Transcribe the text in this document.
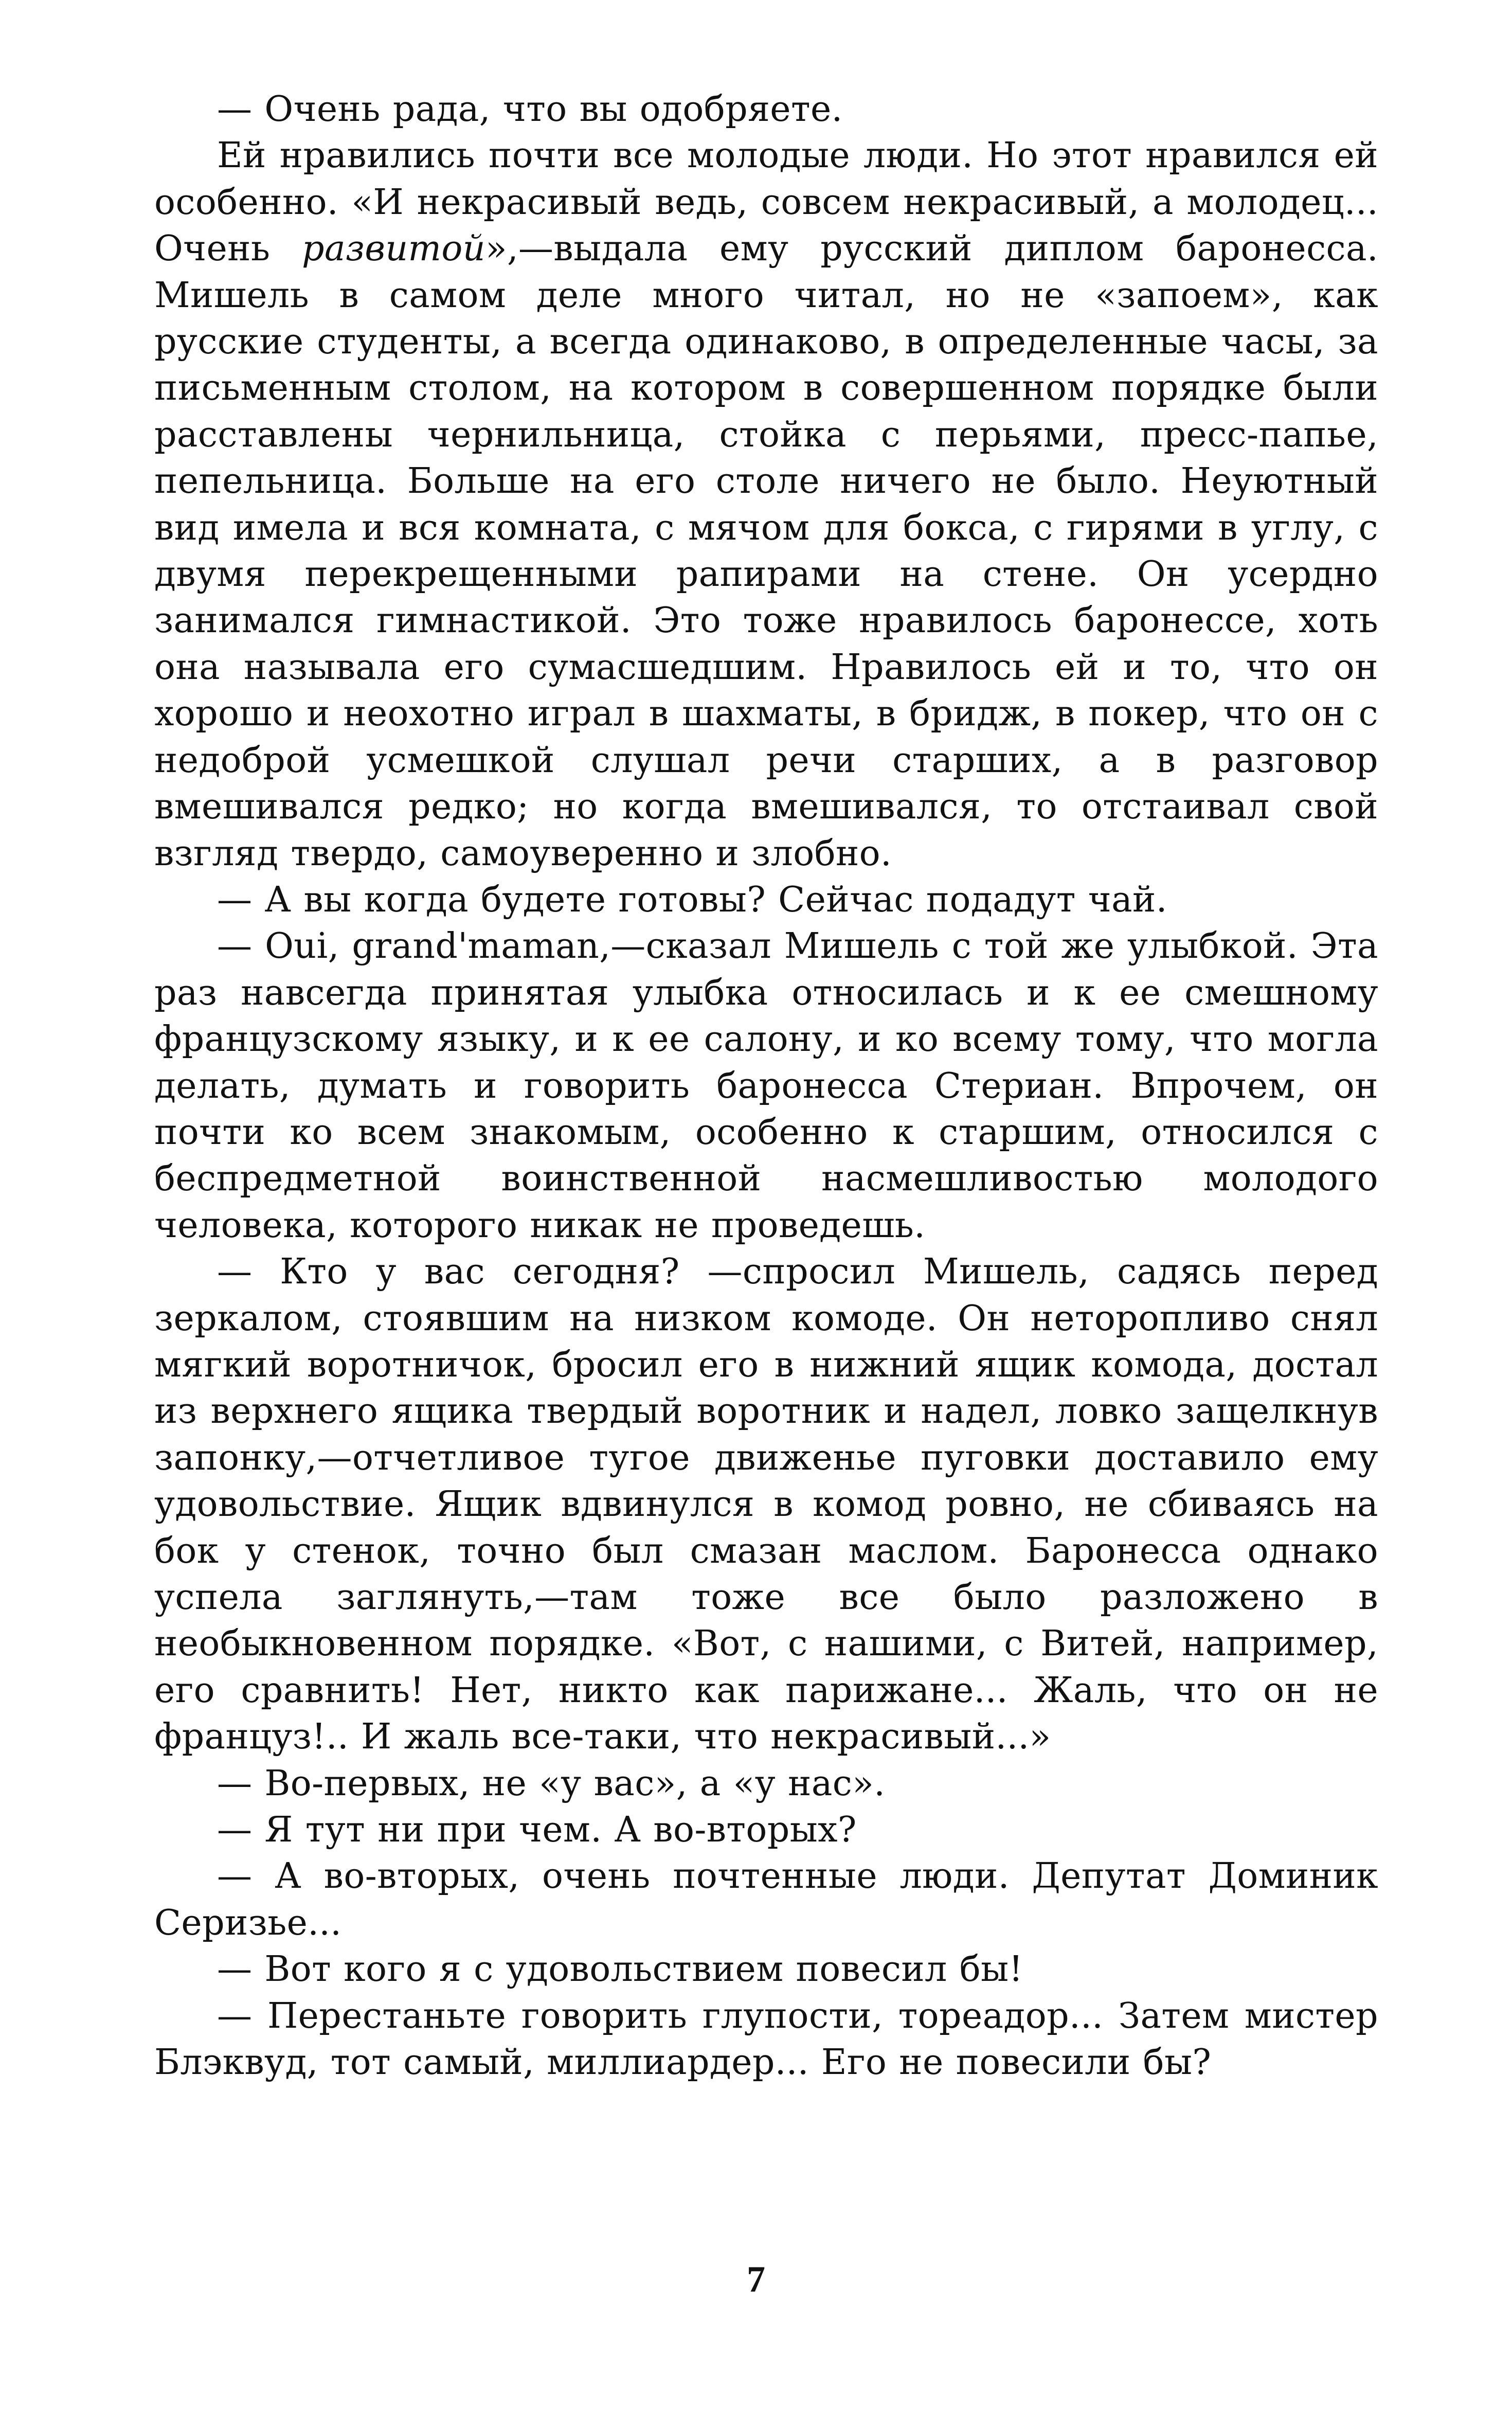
— Очень рада, что вы одобряете.

Ей нравились почти все молодые люди. Но этот нравился ей особенно. «И некрасивый ведь, совсем некрасивый, а молодец... Очень развитой»,—выдала ему русский диплом баронесса. Мишель в самом деле много читал, но не «запоем», как русские студенты, а всегда одинаково, в определенные часы, за письменным столом, на котором в совершенном порядке были расставлены чернильница, стойка с перьями, пресс-папье, пепельница. Больше на его столе ничего не было. Неуютный вид имела и вся комната, с мячом для бокса, с гирями в углу, с двумя перекрещенными рапирами на стене. Он усердно занимался гимнастикой. Это тоже нравилось баронессе, хоть она называла его сумасшедшим. Нравилось ей и то, что он хорошо и неохотно играл в шахматы, в бридж, в покер, что он с недоброй усмешкой слушал речи старших, а в разговор вмешивался редко; но когда вмешивался, то отстаивал свой взгляд твердо, самоуверенно и злобно.

— А вы когда будете готовы? Сейчас подадут чай.

— Oui, grand'maman,—сказал Мишель с той же улыбкой. Эта раз навсегда принятая улыбка относилась и к ее смешному французскому языку, и к ее салону, и ко всему тому, что могла делать, думать и говорить баронесса Стериан. Впрочем, он почти ко всем знакомым, особенно к старшим, относился с беспредметной воинственной насмешливостью молодого человека, которого никак не проведешь.

— Кто у вас сегодня? —спросил Мишель, садясь перед зеркалом, стоявшим на низком комоде. Он неторопливо снял мягкий воротничок, бросил его в нижний ящик комода, достал из верхнего ящика твердый воротник и надел, ловко защелкнув запонку,—отчетливое тугое движенье пуговки доставило ему удовольствие. Ящик вдвинулся в комод ровно, не сбиваясь на бок у стенок, точно был смазан маслом. Баронесса однако успела заглянуть,—там тоже все было разложено в необыкновенном порядке. «Вот, с нашими, с Витей, например, его сравнить! Нет, никто как парижане... Жаль, что он не француз!.. И жаль все-таки, что некрасивый...»

— Во-первых, не «у вас», а «у нас».

— Я тут ни при чем. А во-вторых?

— А во-вторых, очень почтенные люди. Депутат Доминик Серизье...

— Вот кого я с удовольствием повесил бы!

— Перестаньте говорить глупости, тореадор... Затем мистер Блэквуд, тот самый, миллиардер... Его не повесили бы?

7
